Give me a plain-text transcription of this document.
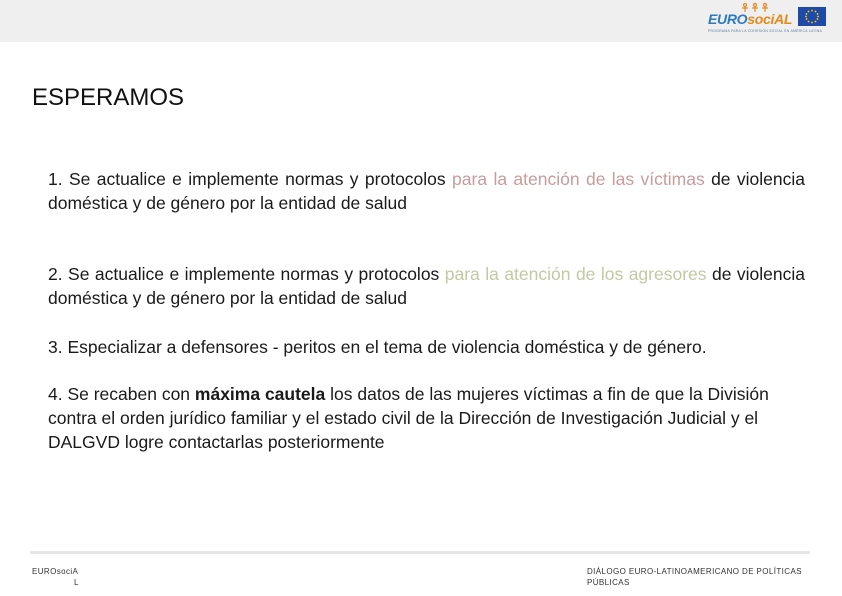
EUROsociAL
PROGRAMA PARA LA COHESIÓN SOCIAL EN AMÉRICA LATINA
ESPERAMOS

1. Se actualice e implemente normas y protocolos para la atención de las víctimas de violencia doméstica y de género por la entidad de salud

2. Se actualice e implemente normas y protocolos para la atención de los agresores de violencia doméstica y de género por la entidad de salud

3. Especializar a defensores - peritos en el tema de violencia doméstica y de género.

4. Se recaben con máxima cautela los datos de las mujeres víctimas a fin de que la División contra el orden jurídico familiar y el estado civil de la Dirección de Investigación Judicial y el DALGVD logre contactarlas posteriormente

EUROsociA
L
DIÁLOGO EURO-LATINOAMERICANO DE POLÍTICAS PÚBLICAS
